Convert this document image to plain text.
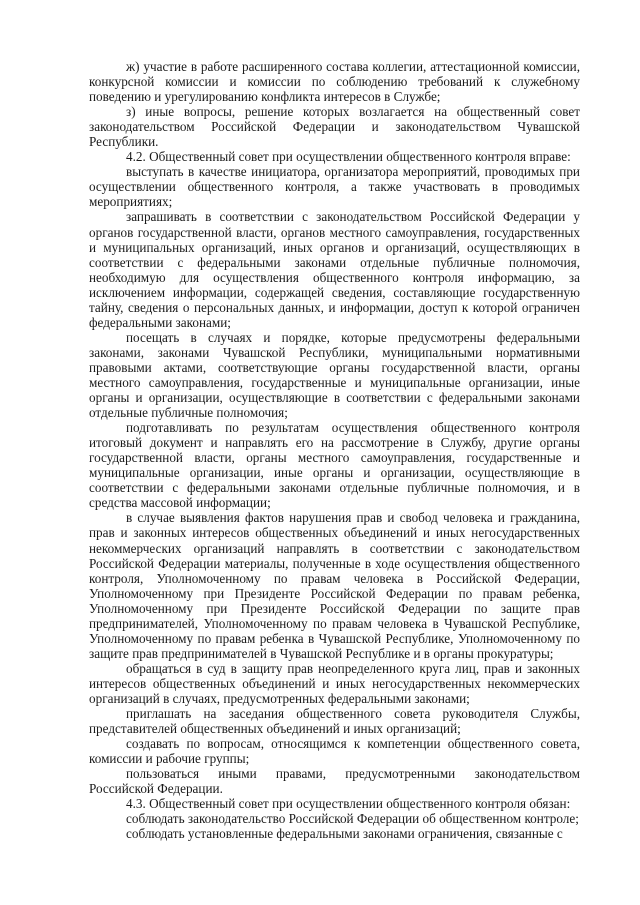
ж) участие в работе расширенного состава коллегии, аттестационной комиссии, конкурсной комиссии и комиссии по соблюдению требований к служебному поведению и урегулированию конфликта интересов в Службе;

з) иные вопросы, решение которых возлагается на общественный совет законодательством Российской Федерации и законодательством Чувашской Республики.

4.2. Общественный совет при осуществлении общественного контроля вправе:

выступать в качестве инициатора, организатора мероприятий, проводимых при осуществлении общественного контроля, а также участвовать в проводимых мероприятиях;

запрашивать в соответствии с законодательством Российской Федерации у органов государственной власти, органов местного самоуправления, государственных и муниципальных организаций, иных органов и организаций, осуществляющих в соответствии с федеральными законами отдельные публичные полномочия, необходимую для осуществления общественного контроля информацию, за исключением информации, содержащей сведения, составляющие государственную тайну, сведения о персональных данных, и информации, доступ к которой ограничен федеральными законами;

посещать в случаях и порядке, которые предусмотрены федеральными законами, законами Чувашской Республики, муниципальными нормативными правовыми актами, соответствующие органы государственной власти, органы местного самоуправления, государственные и муниципальные организации, иные органы и организации, осуществляющие в соответствии с федеральными законами отдельные публичные полномочия;

подготавливать по результатам осуществления общественного контроля итоговый документ и направлять его на рассмотрение в Службу, другие органы государственной власти, органы местного самоуправления, государственные и муниципальные организации, иные органы и организации, осуществляющие в соответствии с федеральными законами отдельные публичные полномочия, и в средства массовой информации;

в случае выявления фактов нарушения прав и свобод человека и гражданина, прав и законных интересов общественных объединений и иных негосударственных некоммерческих организаций направлять в соответствии с законодательством Российской Федерации материалы, полученные в ходе осуществления общественного контроля, Уполномоченному по правам человека в Российской Федерации, Уполномоченному при Президенте Российской Федерации по правам ребенка, Уполномоченному при Президенте Российской Федерации по защите прав предпринимателей, Уполномоченному по правам человека в Чувашской Республике, Уполномоченному по правам ребенка в Чувашской Республике, Уполномоченному по защите прав предпринимателей в Чувашской Республике и в органы прокуратуры;

обращаться в суд в защиту прав неопределенного круга лиц, прав и законных интересов общественных объединений и иных негосударственных некоммерческих организаций в случаях, предусмотренных федеральными законами;

приглашать на заседания общественного совета руководителя Службы, представителей общественных объединений и иных организаций;

создавать по вопросам, относящимся к компетенции общественного совета, комиссии и рабочие группы;

пользоваться иными правами, предусмотренными законодательством Российской Федерации.

4.3. Общественный совет при осуществлении общественного контроля обязан:

соблюдать законодательство Российской Федерации об общественном контроле;

соблюдать установленные федеральными законами ограничения, связанные с
